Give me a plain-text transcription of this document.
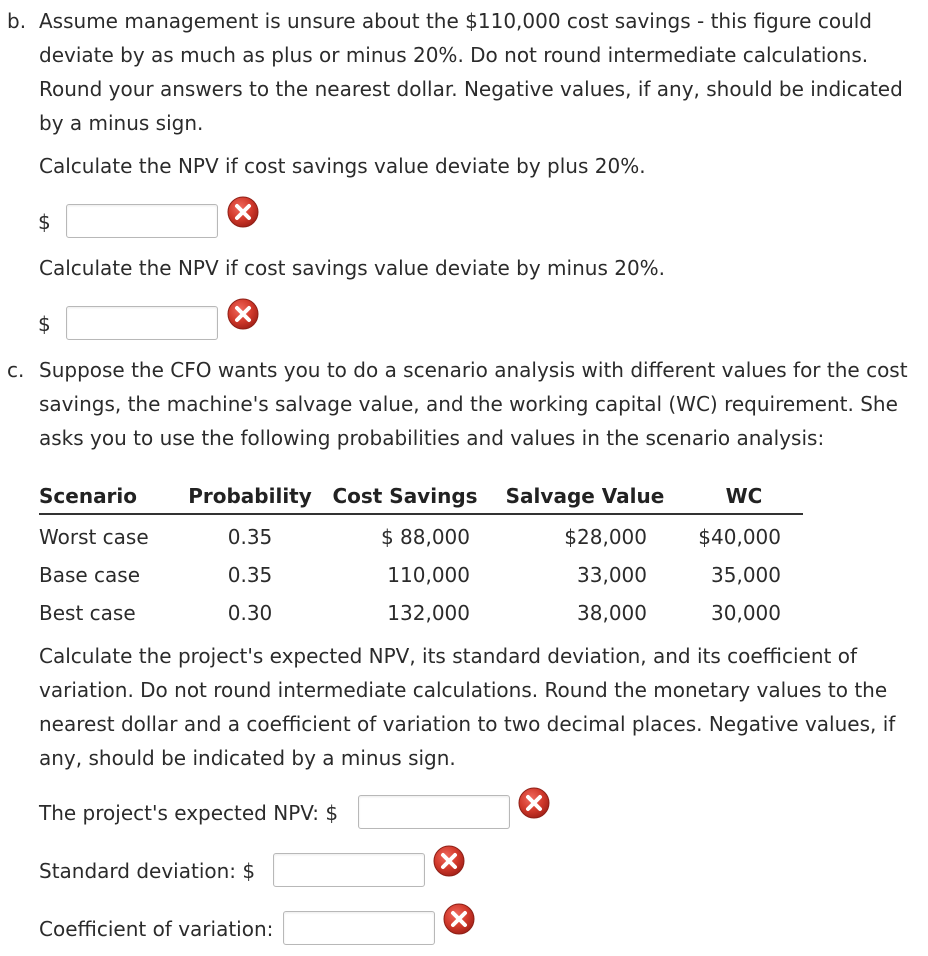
b. Assume management is unsure about the $110,000 cost savings - this figure could deviate by as much as plus or minus 20%. Do not round intermediate calculations. Round your answers to the nearest dollar. Negative values, if any, should be indicated by a minus sign.

Calculate the NPV if cost savings value deviate by plus 20%.
$
Calculate the NPV if cost savings value deviate by minus 20%.
$
c. Suppose the CFO wants you to do a scenario analysis with different values for the cost savings, the machine's salvage value, and the working capital (WC) requirement. She asks you to use the following probabilities and values in the scenario analysis:

Scenario	Probability	Cost Savings	Salvage Value	WC
Worst case	0.35	$ 88,000	$28,000	$40,000
Base case	0.35	110,000	33,000	35,000
Best case	0.30	132,000	38,000	30,000

Calculate the project's expected NPV, its standard deviation, and its coefficient of variation. Do not round intermediate calculations. Round the monetary values to the nearest dollar and a coefficient of variation to two decimal places. Negative values, if any, should be indicated by a minus sign.

The project's expected NPV: $
Standard deviation: $
Coefficient of variation:
